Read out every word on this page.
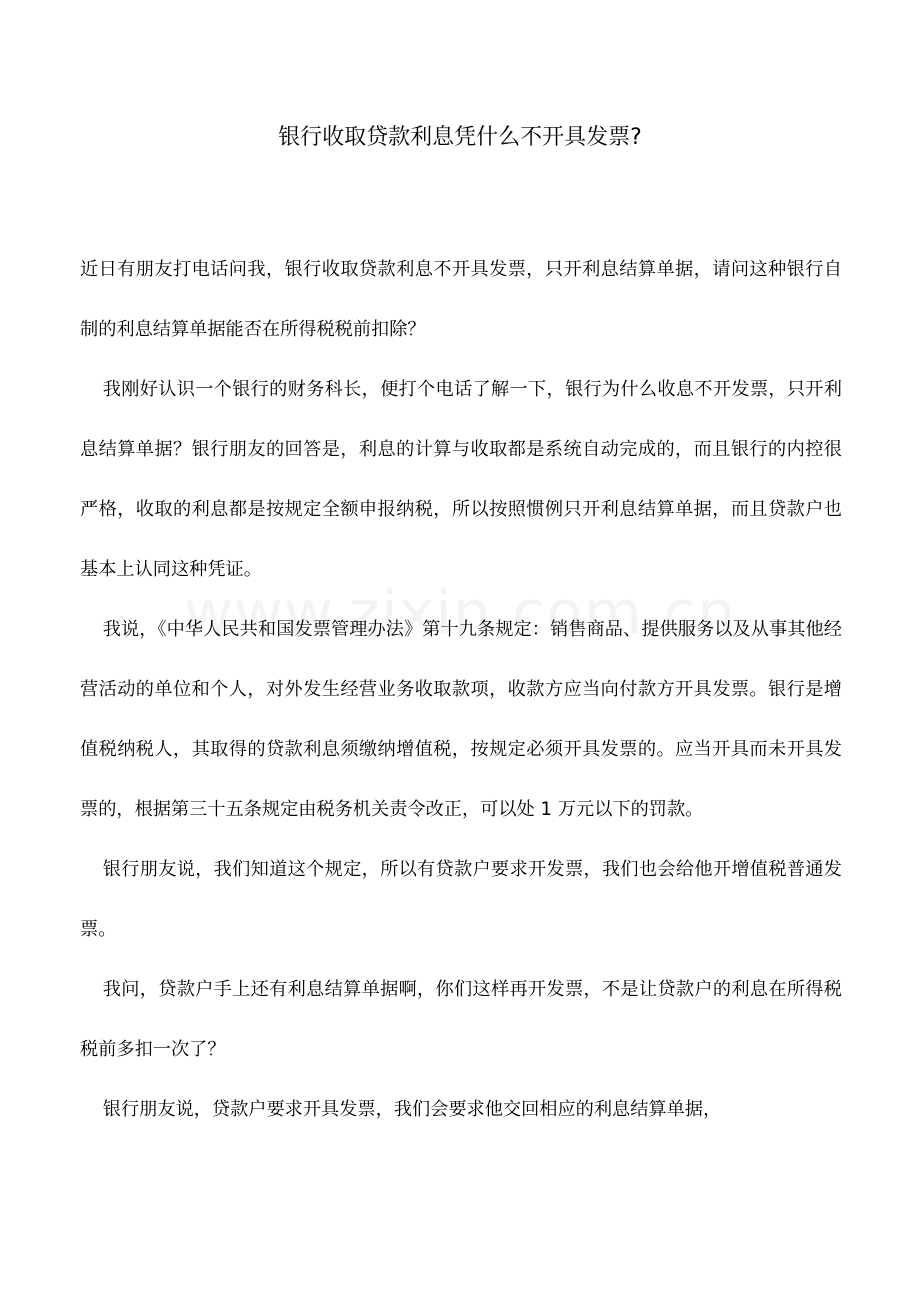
银行收取贷款利息凭什么不开具发票?

近日有朋友打电话问我，银行收取贷款利息不开具发票，只开利息结算单据，请问这种银行自制的利息结算单据能否在所得税税前扣除？

我刚好认识一个银行的财务科长，便打个电话了解一下，银行为什么收息不开发票，只开利息结算单据？银行朋友的回答是，利息的计算与收取都是系统自动完成的，而且银行的内控很严格，收取的利息都是按规定全额申报纳税，所以按照惯例只开利息结算单据，而且贷款户也基本上认同这种凭证。

我说，《中华人民共和国发票管理办法》第十九条规定：销售商品、提供服务以及从事其他经营活动的单位和个人，对外发生经营业务收取款项，收款方应当向付款方开具发票。银行是增值税纳税人，其取得的贷款利息须缴纳增值税，按规定必须开具发票的。应当开具而未开具发票的，根据第三十五条规定由税务机关责令改正，可以处 1 万元以下的罚款。

银行朋友说，我们知道这个规定，所以有贷款户要求开发票，我们也会给他开增值税普通发票。

我问，贷款户手上还有利息结算单据啊，你们这样再开发票，不是让贷款户的利息在所得税税前多扣一次了？

银行朋友说，贷款户要求开具发票，我们会要求他交回相应的利息结算单据，
